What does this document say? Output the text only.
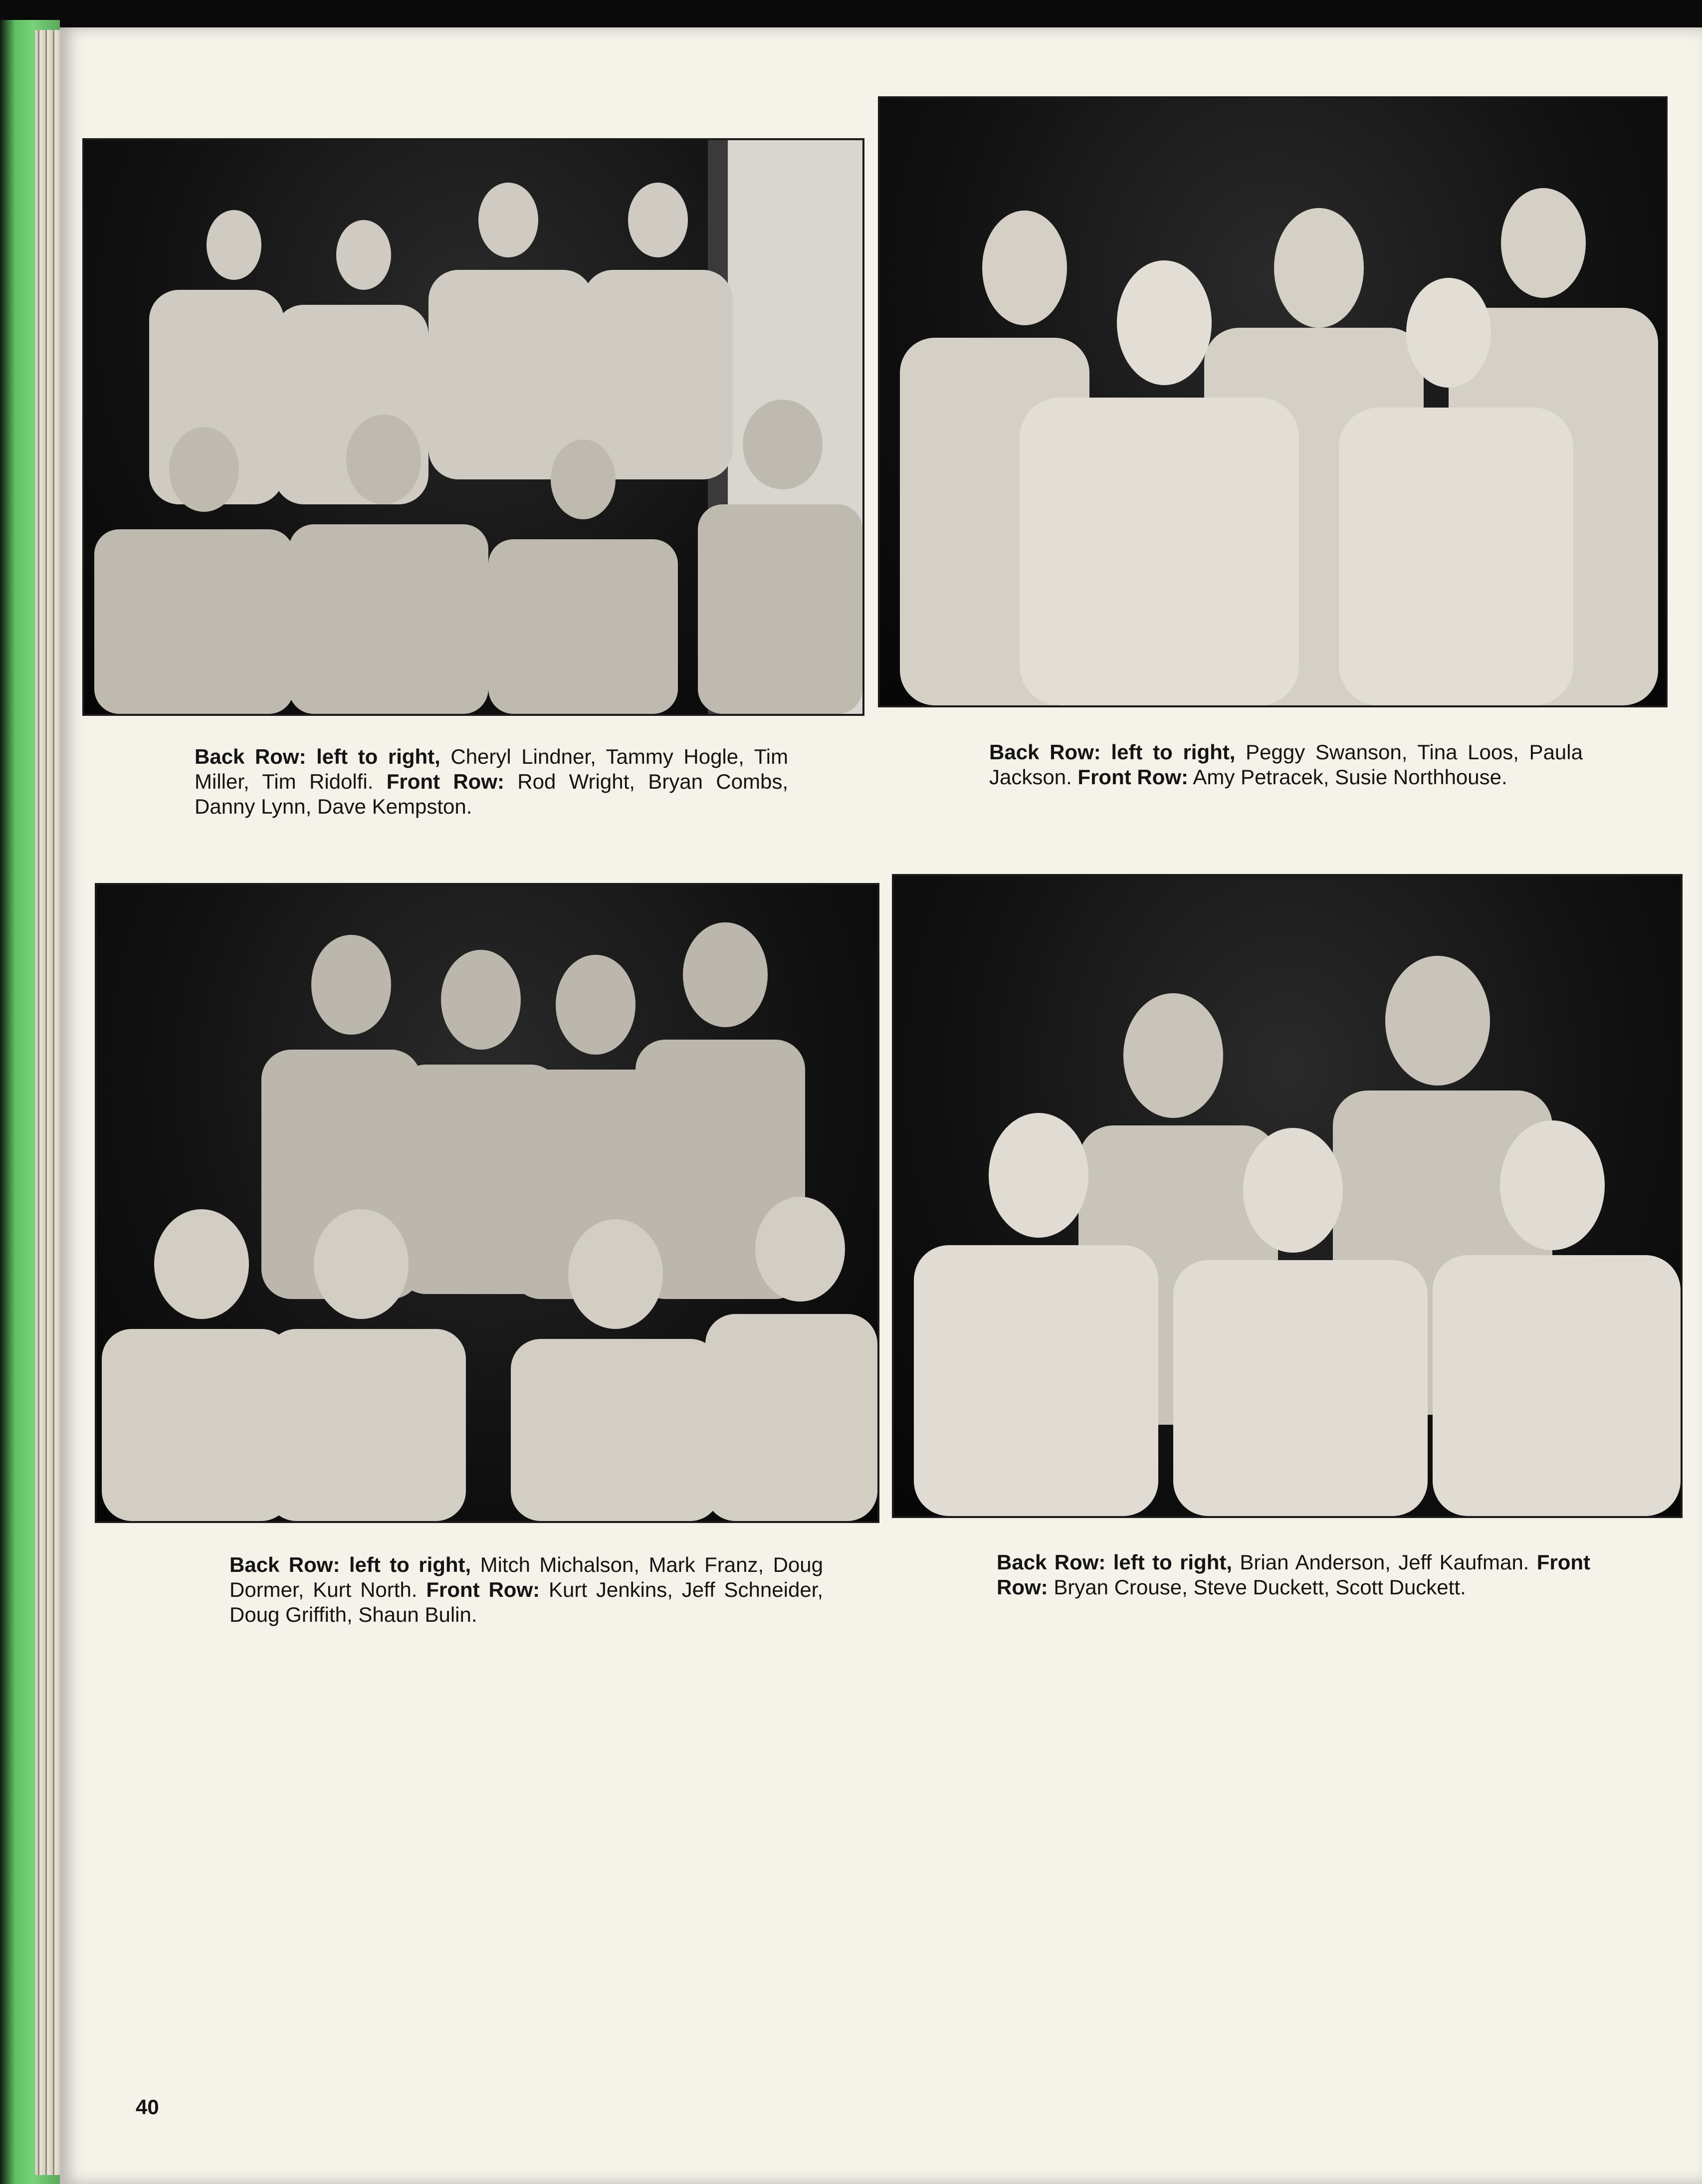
Back Row: left to right, Cheryl Lindner, Tammy Hogle, Tim Miller, Tim Ridolfi. Front Row: Rod Wright, Bryan Combs, Danny Lynn, Dave Kempston.
Back Row: left to right, Peggy Swanson, Tina Loos, Paula Jackson. Front Row: Amy Petracek, Susie Northhouse.
Back Row: left to right, Mitch Michalson, Mark Franz, Doug Dormer, Kurt North. Front Row: Kurt Jenkins, Jeff Schneider, Doug Griffith, Shaun Bulin.
Back Row: left to right, Brian Anderson, Jeff Kaufman. Front Row: Bryan Crouse, Steve Duckett, Scott Duckett.
40
